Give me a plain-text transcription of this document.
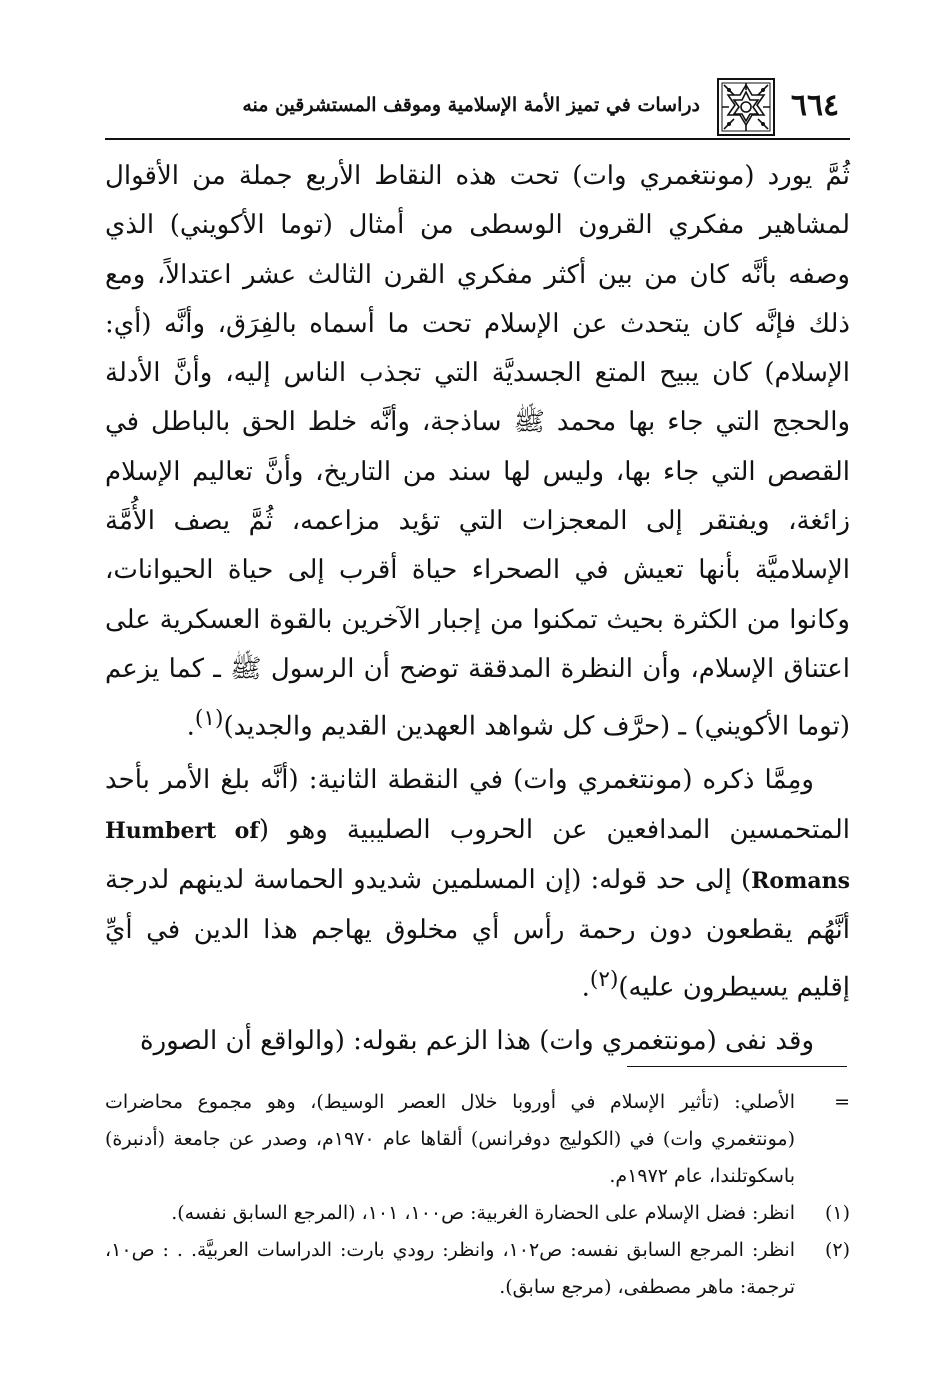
٦٦٤
دراسات في تميز الأمة الإسلامية وموقف المستشرقين منه

ثُمَّ يورد (مونتغمري وات) تحت هذه النقاط الأربع جملة من الأقوال لمشاهير مفكري القرون الوسطى من أمثال (توما الأكويني) الذي وصفه بأنَّه كان من بين أكثر مفكري القرن الثالث عشر اعتدالاً، ومع ذلك فإنَّه كان يتحدث عن الإسلام تحت ما أسماه بالفِرَق، وأنَّه (أي: الإسلام) كان يبيح المتع الجسديَّة التي تجذب الناس إليه، وأنَّ الأدلة والحجج التي جاء بها محمد ﷺ ساذجة، وأنَّه خلط الحق بالباطل في القصص التي جاء بها، وليس لها سند من التاريخ، وأنَّ تعاليم الإسلام زائغة، ويفتقر إلى المعجزات التي تؤيد مزاعمه، ثُمَّ يصف الأُمَّة الإسلاميَّة بأنها تعيش في الصحراء حياة أقرب إلى حياة الحيوانات، وكانوا من الكثرة بحيث تمكنوا من إجبار الآخرين بالقوة العسكرية على اعتناق الإسلام، وأن النظرة المدققة توضح أن الرسول ﷺ ـ كما يزعم (توما الأكويني) ـ (حرَّف كل شواهد العهدين القديم والجديد)$^{(١)}$.

ومِمَّا ذكره (مونتغمري وات) في النقطة الثانية: (أنَّه بلغ الأمر بأحد المتحمسين المدافعين عن الحروب الصليبية وهو (Humbert of Romans) إلى حد قوله: (إن المسلمين شديدو الحماسة لدينهم لدرجة أنَّهُم يقطعون دون رحمة رأس أي مخلوق يهاجم هذا الدين في أيِّ إقليم يسيطرون عليه)$^{(٢)}$.

وقد نفى (مونتغمري وات) هذا الزعم بقوله: (والواقع أن الصورة

=
الأصلي: (تأثير الإسلام في أوروبا خلال العصر الوسيط)، وهو مجموع محاضرات (مونتغمري وات) في (الكوليج دوفرانس) ألقاها عام ١٩٧٠م، وصدر عن جامعة (أدنبرة) باسكوتلندا، عام ١٩٧٢م.
(١)
انظر: فضل الإسلام على الحضارة الغربية: ص١٠٠، ١٠١، (المرجع السابق نفسه).
(٢)
انظر: المرجع السابق نفسه: ص١٠٢، وانظر: رودي بارت: الدراسات العربيَّة. . : ص١٠، ترجمة: ماهر مصطفى، (مرجع سابق).
